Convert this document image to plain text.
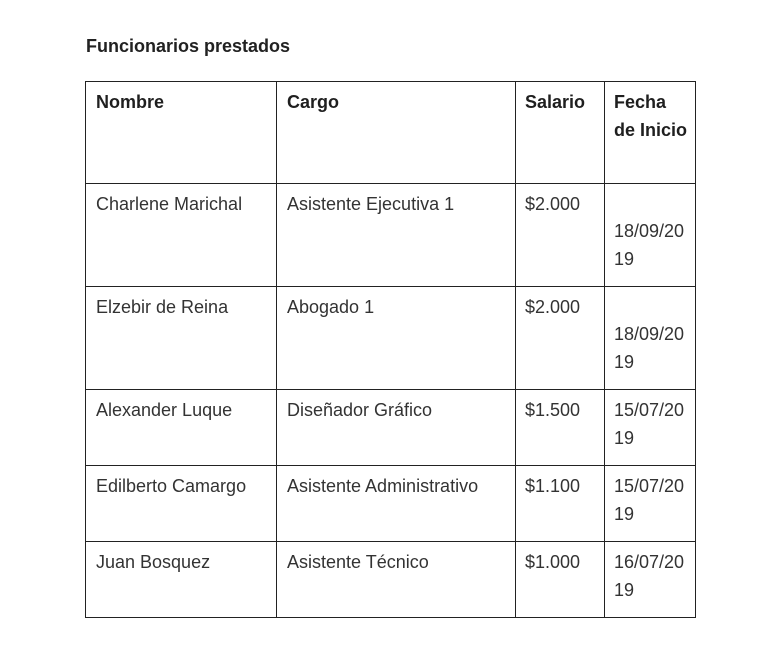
Funcionarios prestados
Nombre	Cargo	Salario	Fecha de Inicio
Charlene Marichal	Asistente Ejecutiva 1	$2.000	18/09/2019

Elzebir de Reina	Abogado 1	$2.000	18/09/2019

Alexander Luque	Diseñador Gráfico	$1.500	15/07/2019

Edilberto Camargo	Asistente Administrativo	$1.100	15/07/2019

Juan Bosquez	Asistente Técnico	$1.000	16/07/2019
